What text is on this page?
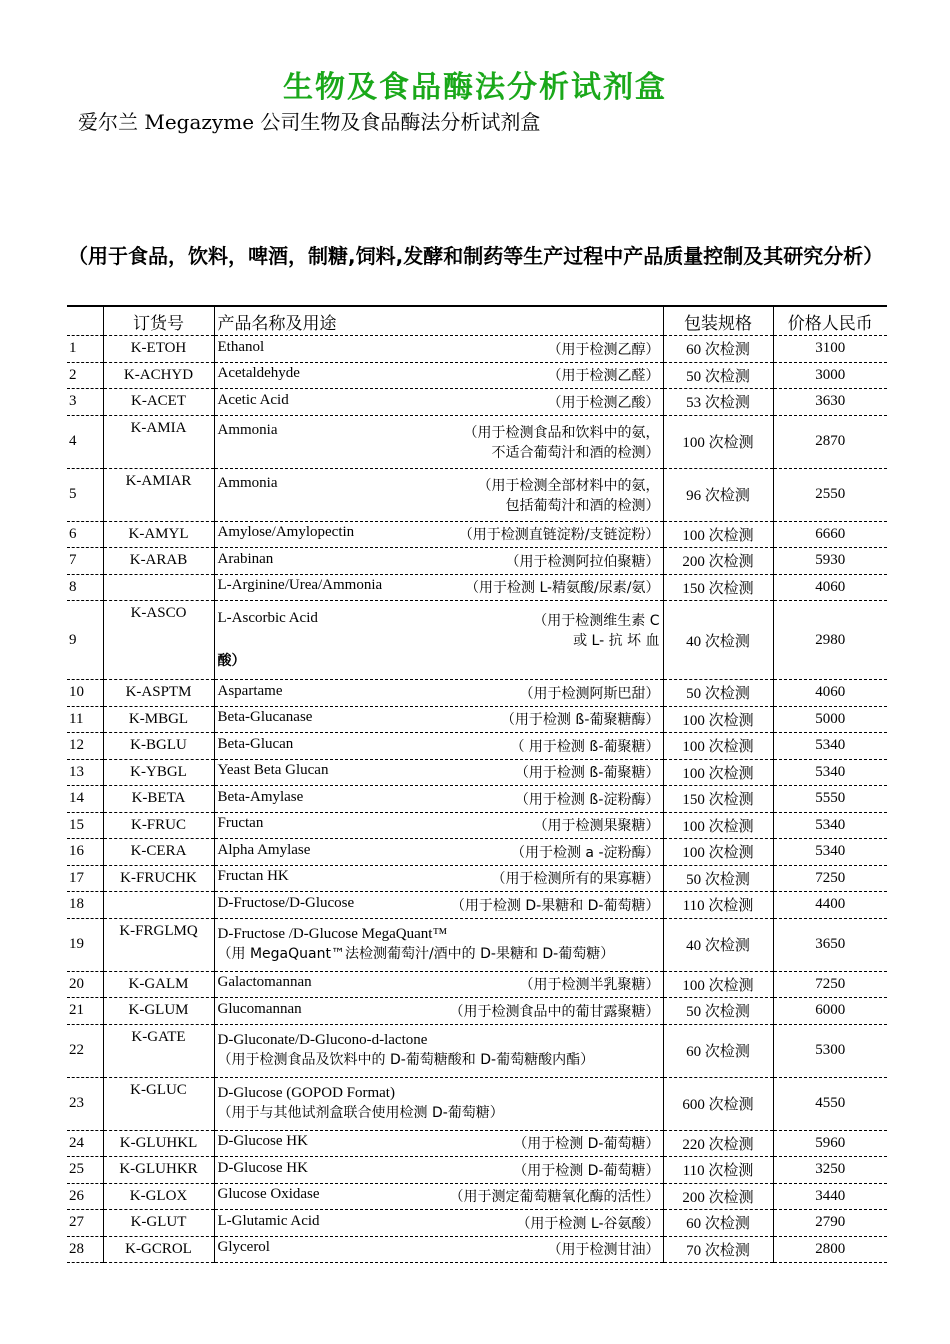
生物及食品酶法分析试剂盒
爱尔兰 Megazyme 公司生物及食品酶法分析试剂盒
（用于食品，饮料，啤酒，制糖,饲料,发酵和制药等生产过程中产品质量控制及其研究分析）
	订货号	产品名称及用途	包装规格	价格人民币
1	K-ETOH	Ethanol （用于检测乙醇）	60 次检测	3100
2	K-ACHYD	Acetaldehyde （用于检测乙醛）	50 次检测	3000
3	K-ACET	Acetic Acid （用于检测乙酸）	53 次检测	3630
4	K-AMIA	Ammonia （用于检测食品和饮料中的氨，
不适合葡萄汁和酒的检测）	100 次检测	2870
5	K-AMIAR	Ammonia （用于检测全部材料中的氨，
包括葡萄汁和酒的检测）	96 次检测	2550
6	K-AMYL	Amylose/Amylopectin （用于检测直链淀粉/支链淀粉）	100 次检测	6660
7	K-ARAB	Arabinan （用于检测阿拉伯聚糖）	200 次检测	5930
8		L-Arginine/Urea/Ammonia （用于检测 L-精氨酸/尿素/氨）	150 次检测	4060
9	K-ASCO	L-Ascorbic Acid （用于检测维生素 C
或 L- 抗 坏 血
酸）	40 次检测	2980
10	K-ASPTM	Aspartame （用于检测阿斯巴甜）	50 次检测	4060
11	K-MBGL	Beta-Glucanase （用于检测 ß-葡聚糖酶）	100 次检测	5000
12	K-BGLU	Beta-Glucan （ 用于检测 ß-葡聚糖）	100 次检测	5340
13	K-YBGL	Yeast Beta Glucan （用于检测 ß-葡聚糖）	100 次检测	5340
14	K-BETA	Beta-Amylase （用于检测 ß-淀粉酶）	150 次检测	5550
15	K-FRUC	Fructan （用于检测果聚糖）	100 次检测	5340
16	K-CERA	Alpha Amylase （用于检测 a -淀粉酶）	100 次检测	5340
17	K-FRUCHK	Fructan HK （用于检测所有的果寡糖）	50 次检测	7250
18		D-Fructose/D-Glucose （用于检测 D-果糖和 D-葡萄糖）	110 次检测	4400
19	K-FRGLMQ	D-Fructose /D-Glucose MegaQuant™
（用 MegaQuant™法检测葡萄汁/酒中的 D-果糖和 D-葡萄糖）	40 次检测	3650
20	K-GALM	Galactomannan （用于检测半乳聚糖）	100 次检测	7250
21	K-GLUM	Glucomannan （用于检测食品中的葡甘露聚糖）	50 次检测	6000
22	K-GATE	D-Gluconate/D-Glucono-d-lactone
（用于检测食品及饮料中的 D-葡萄糖酸和 D-葡萄糖酸内酯）	60 次检测	5300
23	K-GLUC	D-Glucose (GOPOD Format)
（用于与其他试剂盒联合使用检测 D-葡萄糖）	600 次检测	4550
24	K-GLUHKL	D-Glucose HK （用于检测 D-葡萄糖）	220 次检测	5960
25	K-GLUHKR	D-Glucose HK （用于检测 D-葡萄糖）	110 次检测	3250
26	K-GLOX	Glucose Oxidase （用于测定葡萄糖氧化酶的活性）	200 次检测	3440
27	K-GLUT	L-Glutamic Acid （用于检测 L-谷氨酸）	60 次检测	2790
28	K-GCROL	Glycerol （用于检测甘油）	70 次检测	2800
